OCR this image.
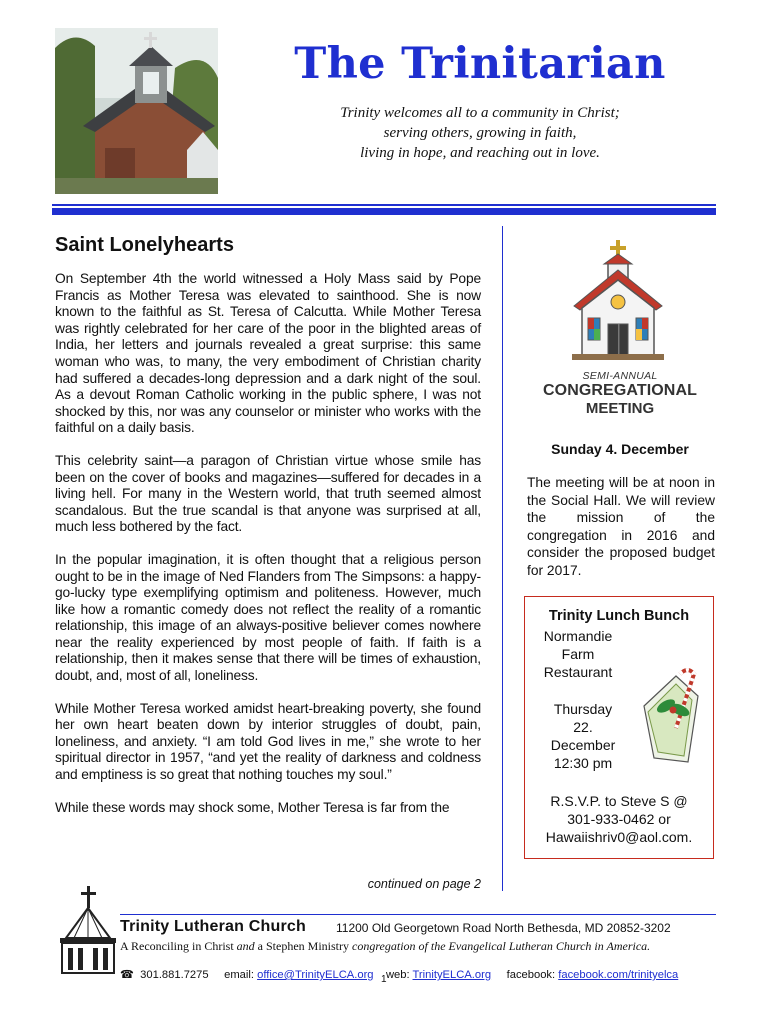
The Trinitarian
Trinity welcomes all to a community in Christ;
serving others, growing in faith,
living in hope, and reaching out in love.
Saint Lonelyhearts

On September 4th the world witnessed a Holy Mass said by Pope Francis as Mother Teresa was elevated to sainthood. She is now known to the faithful as St. Teresa of Calcutta. While Mother Teresa was rightly celebrated for her care of the poor in the blighted areas of India, her letters and journals revealed a great surprise: this same woman who was, to many, the very embodiment of Christian charity had suffered a decades-long depression and a dark night of the soul. As a devout Roman Catholic working in the public sphere, I was not shocked by this, nor was any counselor or minister who works with the faithful on a daily basis.

This celebrity saint—a paragon of Christian virtue whose smile has been on the cover of books and magazines—suffered for decades in a living hell. For many in the Western world, that truth seemed almost scandalous. But the true scandal is that anyone was surprised at all, much less bothered by the fact.

In the popular imagination, it is often thought that a religious person ought to be in the image of Ned Flanders from The Simpsons: a happy-go-lucky type exemplifying optimism and politeness. However, much like how a romantic comedy does not reflect the reality of a romantic relationship, this image of an always-positive believer comes nowhere near the reality experienced by most people of faith. If faith is a relationship, then it makes sense that there will be times of exhaustion, doubt, and, most of all, loneliness.

While Mother Teresa worked amidst heart-breaking poverty, she found her own heart beaten down by interior struggles of doubt, pain, loneliness, and anxiety. “I am told God lives in me,” she wrote to her spiritual director in 1957, “and yet the reality of darkness and coldness and emptiness is so great that nothing touches my soul.”

While these words may shock some, Mother Teresa is far from the

continued on page 2
SEMI-ANNUAL
CONGREGATIONAL
MEETING
Sunday 4. December
The meeting will be at noon in the Social Hall. We will review the mission of the congregation in 2016 and consider the proposed budget for 2017.
Trinity Lunch Bunch
Normandie
Farm
Restaurant
Thursday
22.
December
12:30 pm
R.S.V.P. to Steve S @
301-933-0462 or
Hawaiishriv0@aol.com.
Trinity Lutheran Church	11200 Old Georgetown Road North Bethesda, MD 20852-3202
A Reconciling in Christ and a Stephen Ministry congregation of the Evangelical Lutheran Church in America.
☎ 301.881.7275 email: office@TrinityELCA.org web: TrinityELCA.org facebook: facebook.com/trinityelca
1
